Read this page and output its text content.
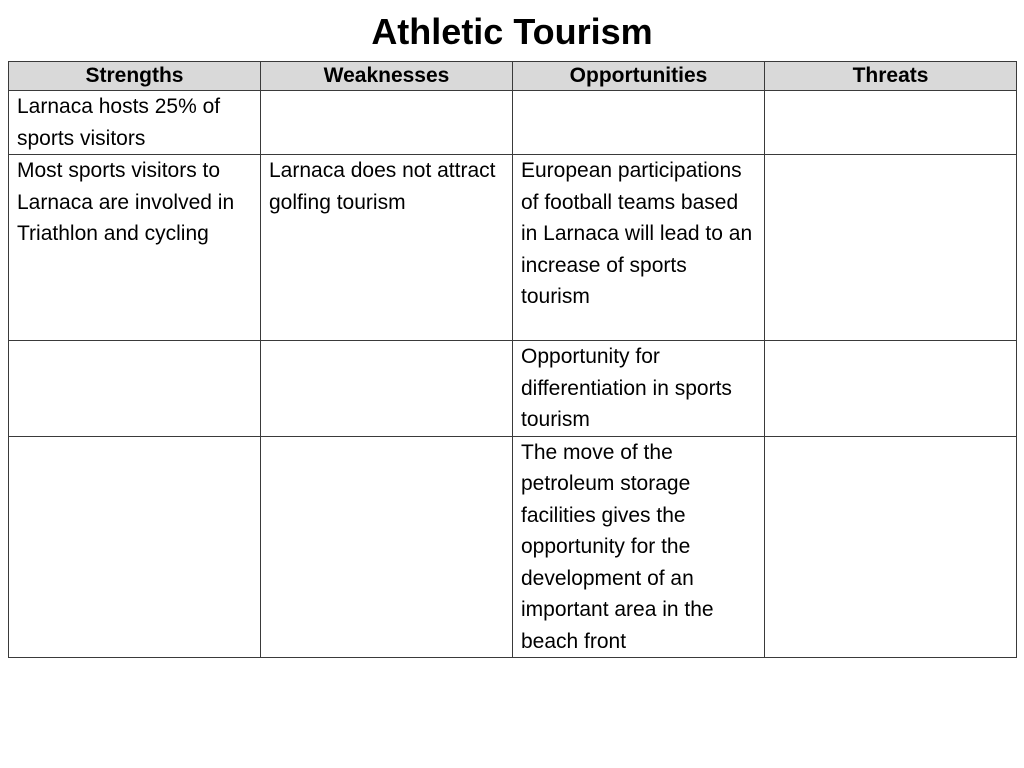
Athletic Tourism
Strengths	Weaknesses	Opportunities	Threats
Larnaca hosts 25% of sports visitors			
Most sports visitors to Larnaca are involved in Triathlon and cycling	Larnaca does not attract golfing tourism	European participations of football teams based in Larnaca will lead to an increase of sports tourism	
		Opportunity for differentiation in sports tourism	
		The move of the petroleum storage facilities gives the opportunity for the development of an important area in the beach front	
